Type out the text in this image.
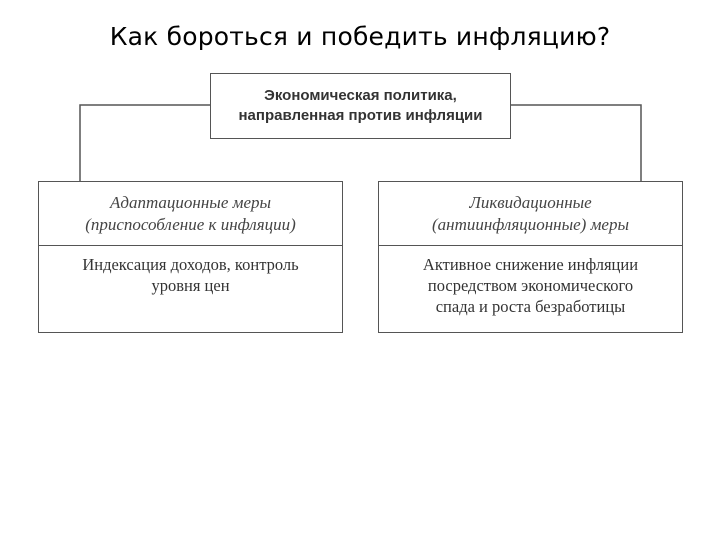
Как бороться и победить инфляцию?
Экономическая политика,
направленная против инфляции
Адаптационные меры
(приспособление к инфляции)
Индексация доходов, контроль
уровня цен
Ликвидационные
(антиинфляционные) меры
Активное снижение инфляции
посредством экономического
спада и роста безработицы
